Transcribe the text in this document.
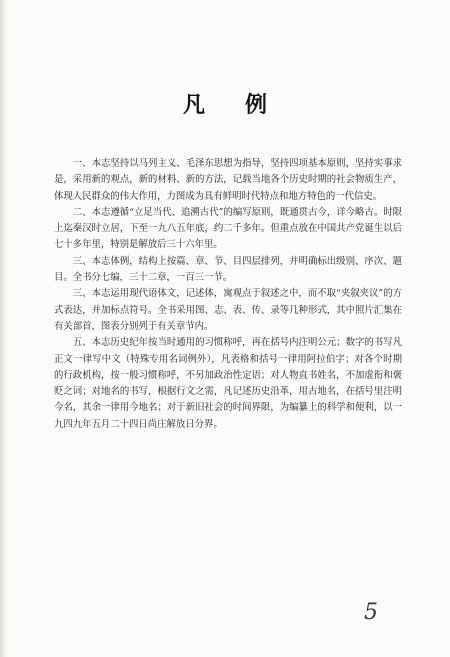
凡例

一、本志坚持以马列主义、毛泽东思想为指导，坚持四项基本原则，坚持实事求是，采用新的观点，新的材料、新的方法，记载当地各个历史时期的社会物质生产，体现人民群众的伟大作用，力图成为具有鲜明时代特点和地方特色的一代信史。

二、本志遵循“立足当代、追溯古代”的编写原则，既通贯古今，详今略古。时限上迄秦汉时立居，下至一九八五年底，约二千多年。但重点放在中国共产党诞生以后七十多年里，特别是解放后三十六年里。

三、本志体例，结构上按篇、章、节、目四层排列，并明确标出级别、序次、题目。全书分七编，三十二章，一百三一节。

三、本志运用现代语体文，记述体，寓观点于叙述之中，而不取“夹叙夹议”的方式表达，并加标点符号。全书采用图、志、表、传、录等几种形式，其中照片汇集在有关部首，图表分别列于有关章节内。

五、本志历史纪年按当时通用的习惯称呼，再在括号内注明公元；数字的书写凡正文一律写中文（特殊专用名词例外），凡表格和括号一律用阿拉伯字；对各个时期的行政机构，按一般习惯称呼，不另加政治性定语；对人物直书姓名，不加虚衔和褒贬之词；对地名的书写，根据行文之需，凡记述历史沿革，用古地名，在括号里注明今名，其余一律用今地名；对于新旧社会的时间界限，为编纂上的科学和便利，以一九四九年五月二十四日尚庄解放日分界。

5
